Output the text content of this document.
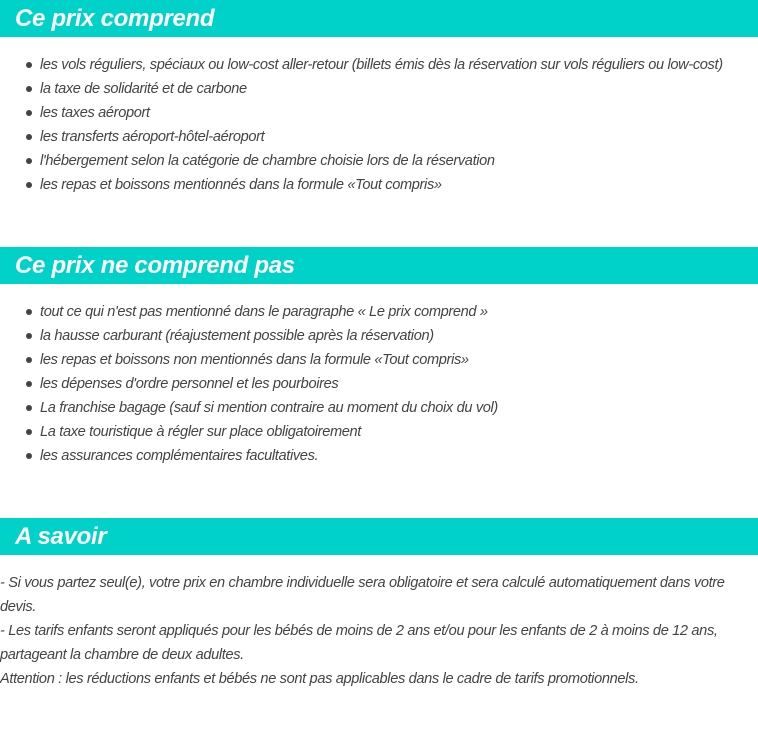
Ce prix comprend
les vols réguliers, spéciaux ou low-cost aller-retour (billets émis dès la réservation sur vols réguliers ou low-cost)
la taxe de solidarité et de carbone
les taxes aéroport
les transferts aéroport-hôtel-aéroport
l'hébergement selon la catégorie de chambre choisie lors de la réservation
les repas et boissons mentionnés dans la formule «Tout compris»
Ce prix ne comprend pas
tout ce qui n'est pas mentionné dans le paragraphe « Le prix comprend »
la hausse carburant (réajustement possible après la réservation)
les repas et boissons non mentionnés dans la formule «Tout compris»
les dépenses d'ordre personnel et les pourboires
La franchise bagage (sauf si mention contraire au moment du choix du vol)
La taxe touristique à régler sur place obligatoirement
les assurances complémentaires facultatives.
A savoir

- Si vous partez seul(e), votre prix en chambre individuelle sera obligatoire et sera calculé automatiquement dans votre devis.

- Les tarifs enfants seront appliqués pour les bébés de moins de 2 ans et/ou pour les enfants de 2 à moins de 12 ans, partageant la chambre de deux adultes.

Attention : les réductions enfants et bébés ne sont pas applicables dans le cadre de tarifs promotionnels.
